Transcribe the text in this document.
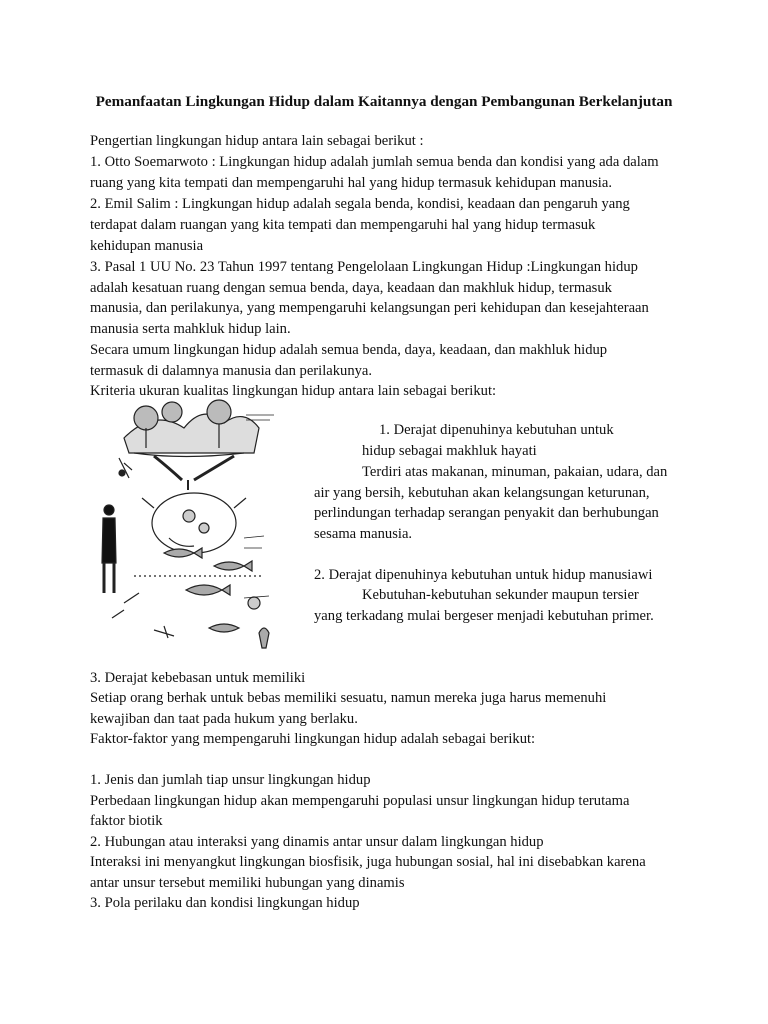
Pemanfaatan Lingkungan Hidup dalam Kaitannya dengan Pembangunan Berkelanjutan

Pengertian lingkungan hidup antara lain sebagai berikut :

1. Otto Soemarwoto : Lingkungan hidup adalah jumlah semua benda dan kondisi yang ada dalam

ruang yang kita tempati dan mempengaruhi hal yang hidup termasuk kehidupan manusia.

2. Emil Salim : Lingkungan hidup adalah segala benda, kondisi, keadaan dan pengaruh yang

terdapat dalam ruangan yang kita tempati dan mempengaruhi hal yang hidup termasuk

kehidupan manusia

3. Pasal 1 UU No. 23 Tahun 1997 tentang Pengelolaan Lingkungan Hidup :Lingkungan hidup

adalah kesatuan ruang dengan semua benda, daya, keadaan dan makhluk hidup, termasuk

manusia, dan perilakunya, yang mempengaruhi kelangsungan peri kehidupan dan kesejahteraan

manusia serta mahkluk hidup lain.

Secara umum lingkungan hidup adalah semua benda, daya, keadaan, dan makhluk hidup

termasuk di dalamnya manusia dan perilakunya.

Kriteria ukuran kualitas lingkungan hidup antara lain sebagai berikut:

1. Derajat dipenuhinya kebutuhan untuk

hidup sebagai makhluk hayati

Terdiri atas makanan, minuman, pakaian, udara, dan

air yang bersih, kebutuhan akan kelangsungan keturunan,

perlindungan terhadap serangan penyakit dan berhubungan

sesama manusia.

2. Derajat dipenuhinya kebutuhan untuk hidup manusiawi

Kebutuhan-kebutuhan sekunder maupun tersier

yang terkadang mulai bergeser menjadi kebutuhan primer.

3. Derajat kebebasan untuk memiliki

Setiap orang berhak untuk bebas memiliki sesuatu, namun mereka juga harus memenuhi

kewajiban dan taat pada hukum yang berlaku.

Faktor-faktor yang mempengaruhi lingkungan hidup adalah sebagai berikut:

1. Jenis dan jumlah tiap unsur lingkungan hidup

Perbedaan lingkungan hidup akan mempengaruhi populasi unsur lingkungan hidup terutama

faktor biotik

2. Hubungan atau interaksi yang dinamis antar unsur dalam lingkungan hidup

Interaksi ini menyangkut lingkungan biosfisik, juga hubungan sosial, hal ini disebabkan karena

antar unsur tersebut memiliki hubungan yang dinamis

3. Pola perilaku dan kondisi lingkungan hidup
